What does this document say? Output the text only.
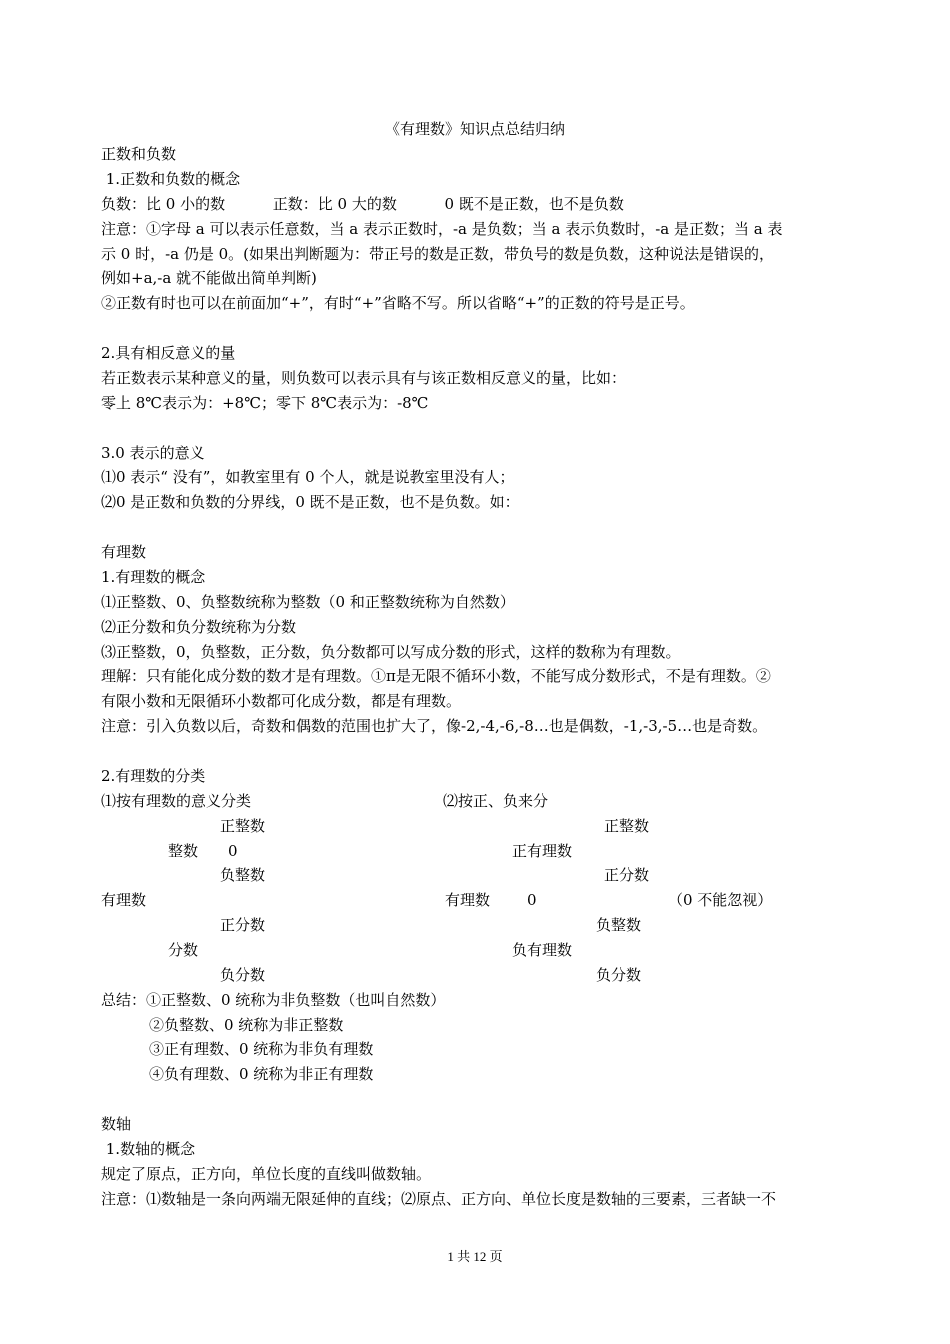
《有理数》知识点总结归纳
正数和负数
1.正数和负数的概念
负数：比 0 小的数          正数：比 0 大的数          0 既不是正数，也不是负数
注意：①字母 a 可以表示任意数，当 a 表示正数时，-a 是负数；当 a 表示负数时，-a 是正数；当 a 表
示 0 时，-a 仍是 0。(如果出判断题为：带正号的数是正数，带负号的数是负数，这种说法是错误的，
例如+a,-a 就不能做出简单判断)
②正数有时也可以在前面加“+”，有时“+”省略不写。所以省略“+”的正数的符号是正号。
2.具有相反意义的量
若正数表示某种意义的量，则负数可以表示具有与该正数相反意义的量，比如：
零上 8℃表示为：+8℃；零下 8℃表示为：-8℃
3.0 表示的意义
⑴0 表示“ 没有”，如教室里有 0 个人，就是说教室里没有人；
⑵0 是正数和负数的分界线，0 既不是正数，也不是负数。如：
有理数
1.有理数的概念
⑴正整数、0、负整数统称为整数（0 和正整数统称为自然数）
⑵正分数和负分数统称为分数
⑶正整数，0，负整数，正分数，负分数都可以写成分数的形式，这样的数称为有理数。
理解：只有能化成分数的数才是有理数。①π是无限不循环小数，不能写成分数形式，不是有理数。②
有限小数和无限循环小数都可化成分数，都是有理数。
注意：引入负数以后，奇数和偶数的范围也扩大了，像-2,-4,-6,-8…也是偶数，-1,-3,-5…也是奇数。
2.有理数的分类
⑴按有理数的意义分类
正整数
整数 0
负整数
有理数
正分数
分数
负分数
⑵按正、负来分
正整数
正有理数
正分数
有理数 0	（0 不能忽视）
负整数
负有理数
负分数
总结：①正整数、0 统称为非负整数（也叫自然数）
②负整数、0 统称为非正整数
③正有理数、0 统称为非负有理数
④负有理数、0 统称为非正有理数
数轴
1.数轴的概念
规定了原点，正方向，单位长度的直线叫做数轴。
注意：⑴数轴是一条向两端无限延伸的直线；⑵原点、正方向、单位长度是数轴的三要素，三者缺一不
1 共 12 页
